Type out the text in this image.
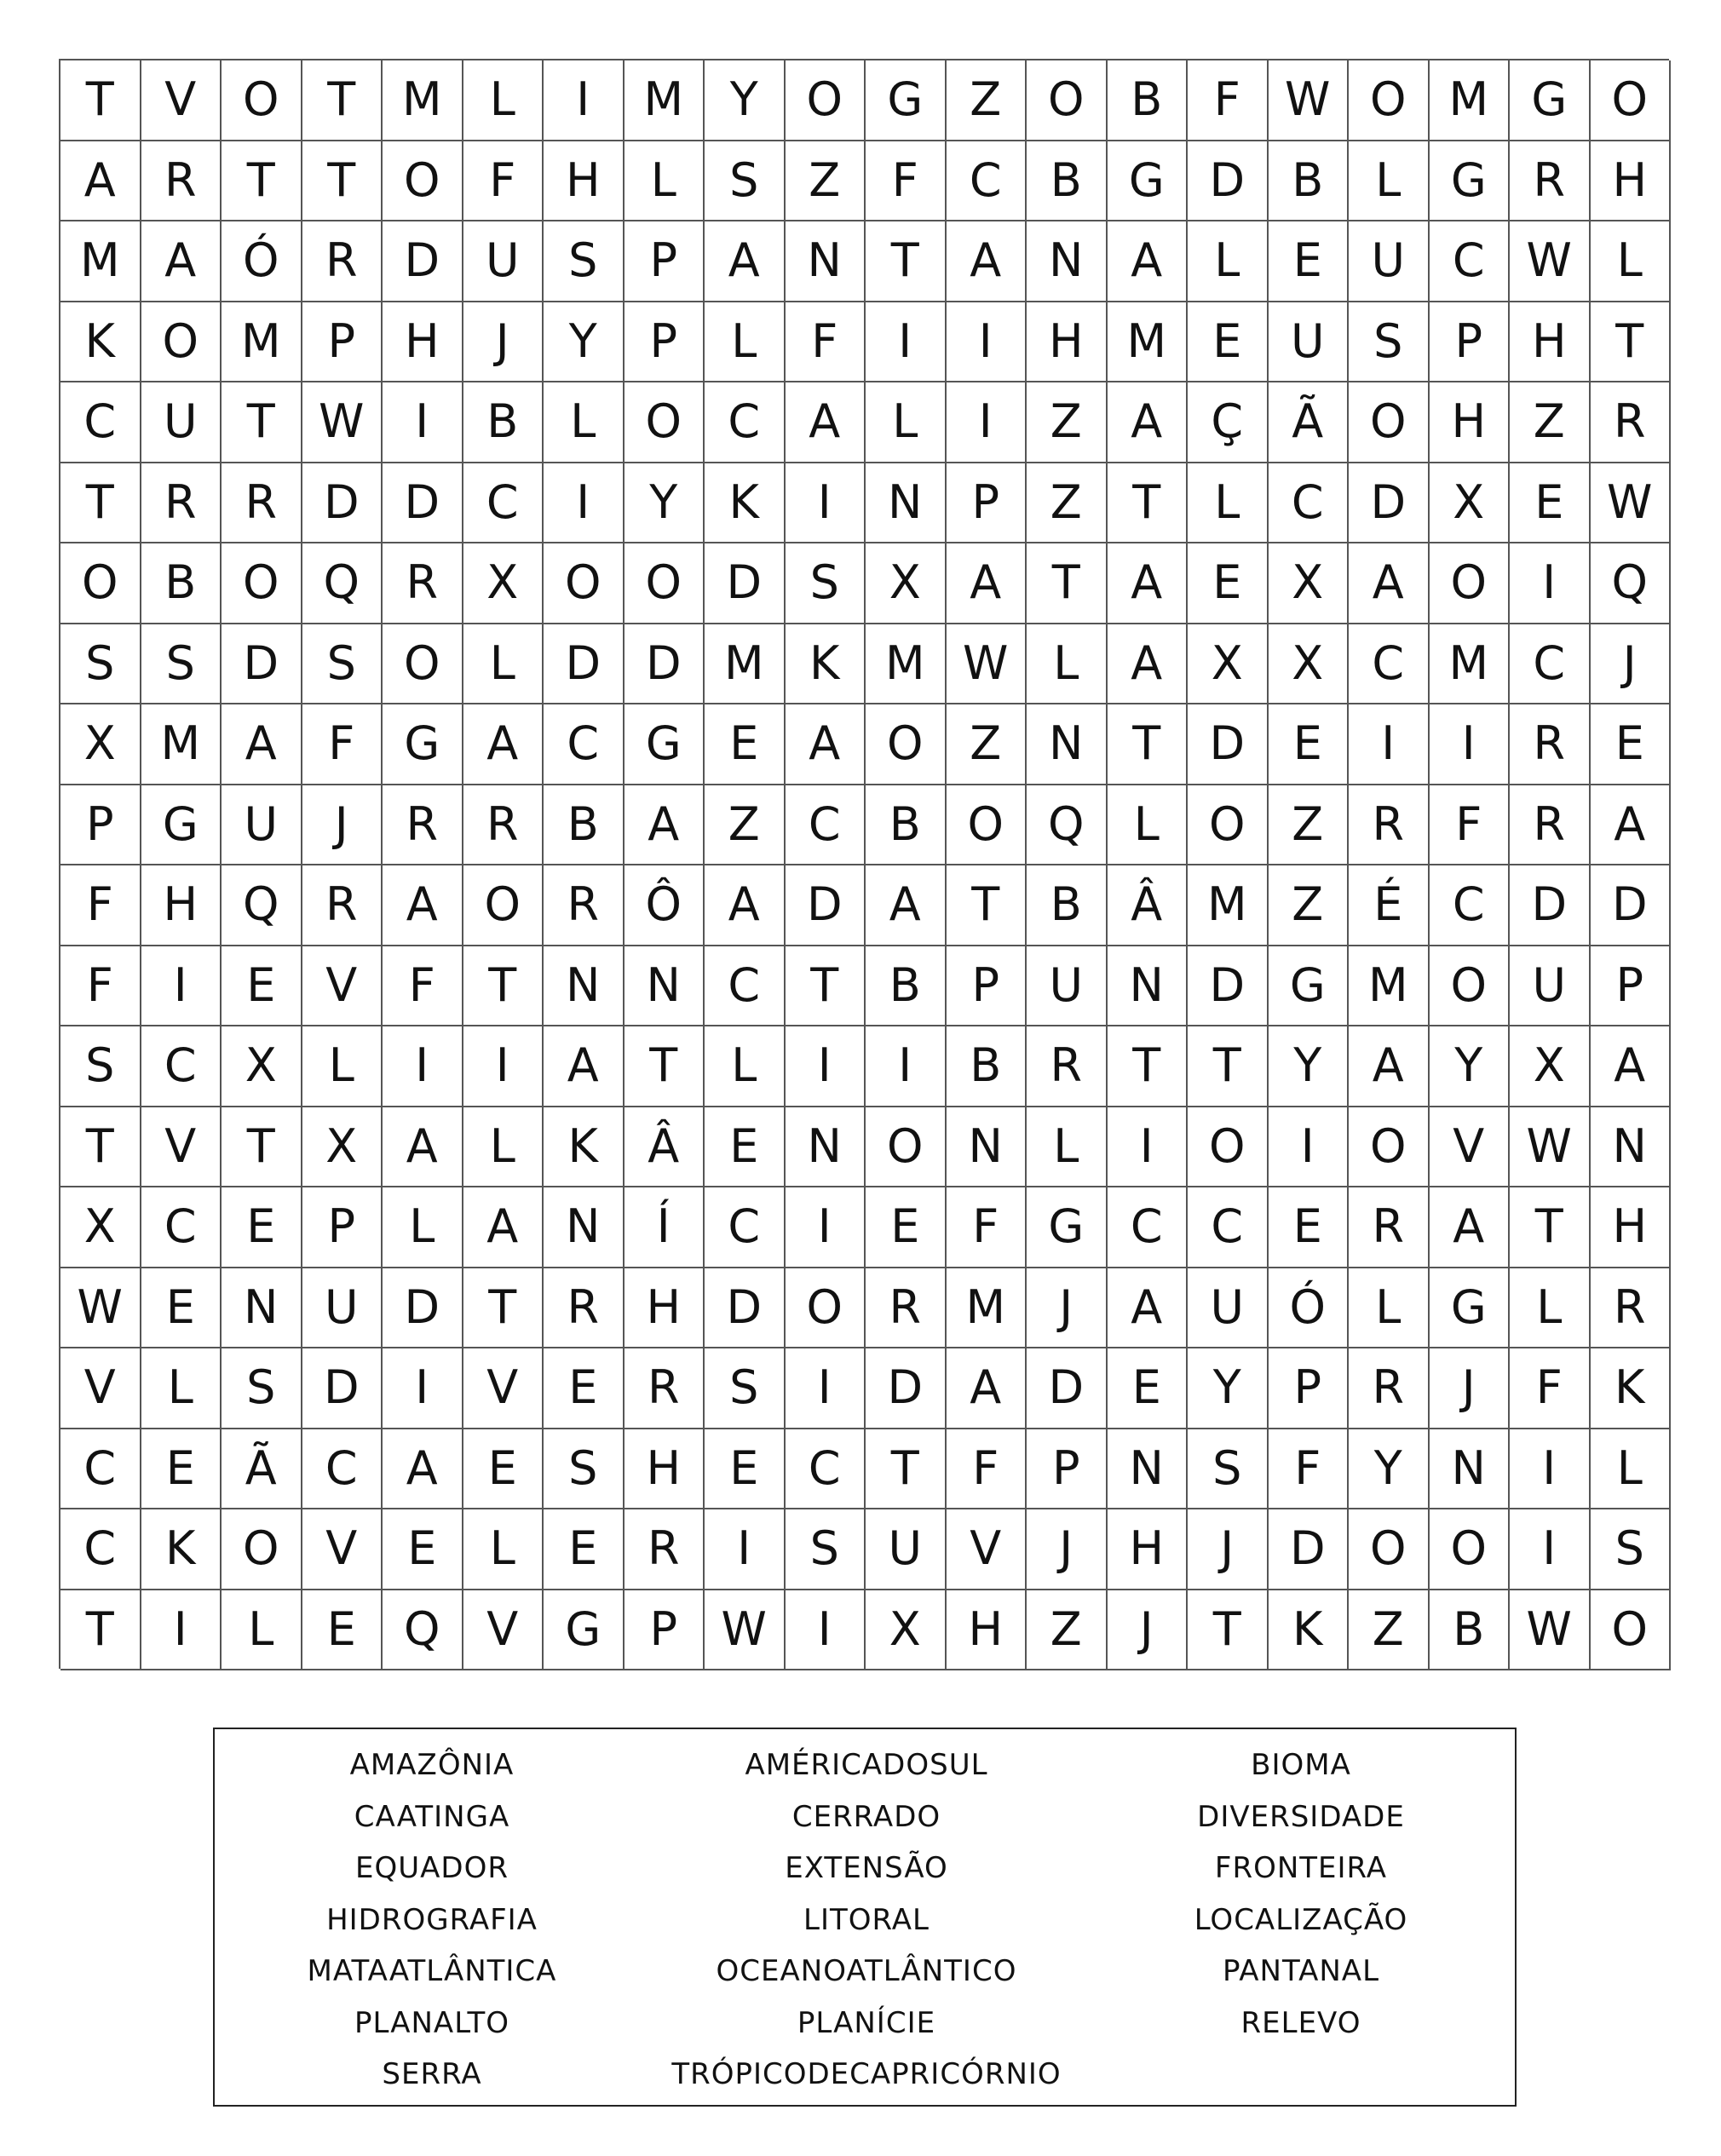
T	V	O	T	M	L	I	M	Y	O G	Z	O	B	F W O M G O
A	R	T	T	O	F	H	L	S	Z	F	C	B	G D	B	L	G	R	H
M A	Ó	R	D U	S	P	A	N	T	A	N	A	L	E	U	C W L
K	O M	P	H	J	Y	P	L	F	I	I	H M	E	U	S	P	H	T
C	U	T W	I	B	L	O	C	A	L	I	Z	A	Ç	Ã	O H	Z	R
T	R	R	D D	C	I	Y	K	I	N	P	Z	T	L	C	D	X	E W
O	B	O Q	R	X	O O D	S	X	A	T	A	E	X	A	O	I	Q
S	S	D	S	O	L	D D M K M W L	A	X	X	C M C	J
X M A	F	G	A	C	G	E	A	O	Z	N	T	D	E	I	I	R	E
P	G U	J	R	R	B	A	Z	C	B	O Q	L	O	Z	R	F	R	A
F	H Q	R	A	O	R	Ô	A	D	A	T	B	Â M Z	É	C	D D
F	I	E	V	F	T	N	N	C	T	B	P	U	N D G M O U	P
S	C	X	L	I	I	A	T	L	I	I	B	R	T	T	Y	A	Y	X	A
T	V	T	X	A	L	K	Â	E	N O N	L	I	O	I	O	V W N
X	C	E	P	L	A	N	Í	C	I	E	F	G	C	C	E	R	A	T	H
W E	N	U D	T	R	H D O	R M	J	A	U Ó	L	G	L	R
V	L	S	D	I	V	E	R	S	I	D	A	D	E	Y	P	R	J	F	K
C	E	Ã	C	A	E	S	H	E	C	T	F	P	N	S	F	Y	N	I	L
C	K	O	V	E	L	E	R	I	S	U	V	J	H	J	D O O	I	S
T	I	L	E	Q	V	G	P W	I	X	H	Z	J	T	K	Z	B W O
AMAZÔNIA	AMÉRICADOSUL	BIOMA
CAATINGA	CERRADO	DIVERSIDADE
EQUADOR	EXTENSÃO	FRONTEIRA
HIDROGRAFIA	LITORAL	LOCALIZAÇÃO
MATAATLÂNTICA	OCEANOATLÂNTICO	PANTANAL
PLANALTO	PLANÍCIE	RELEVO
SERRA	TRÓPICODECAPRICÓRNIO
